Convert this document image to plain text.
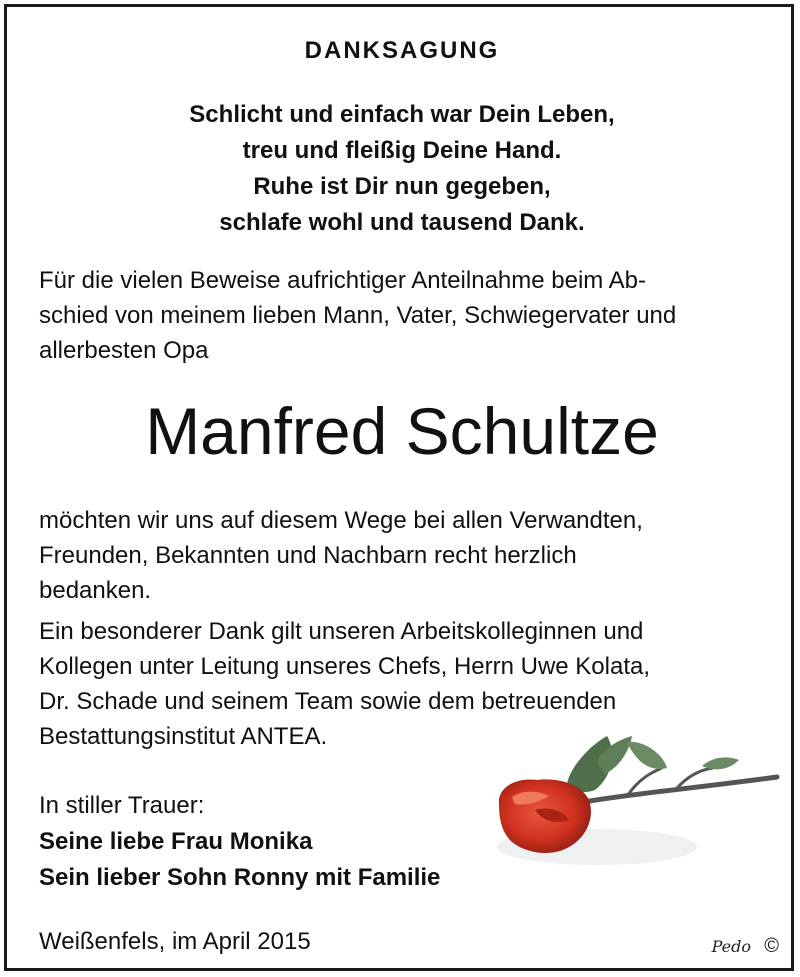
DANKSAGUNG
Schlicht und einfach war Dein Leben,
treu und fleißig Deine Hand.
Ruhe ist Dir nun gegeben,
schlafe wohl und tausend Dank.
Für die vielen Beweise aufrichtiger Anteilnahme beim Ab-
schied von meinem lieben Mann, Vater, Schwiegervater und
allerbesten Opa
Manfred Schultze
möchten wir uns auf diesem Wege bei allen Verwandten,
Freunden, Bekannten und Nachbarn recht herzlich
bedanken.
Ein besonderer Dank gilt unseren Arbeitskolleginnen und
Kollegen unter Leitung unseres Chefs, Herrn Uwe Kolata,
Dr. Schade und seinem Team sowie dem betreuenden
Bestattungsinstitut ANTEA.
In stiller Trauer:
Seine liebe Frau Monika
Sein lieber Sohn Ronny mit Familie
Weißenfels, im April 2015	Pedo ©
